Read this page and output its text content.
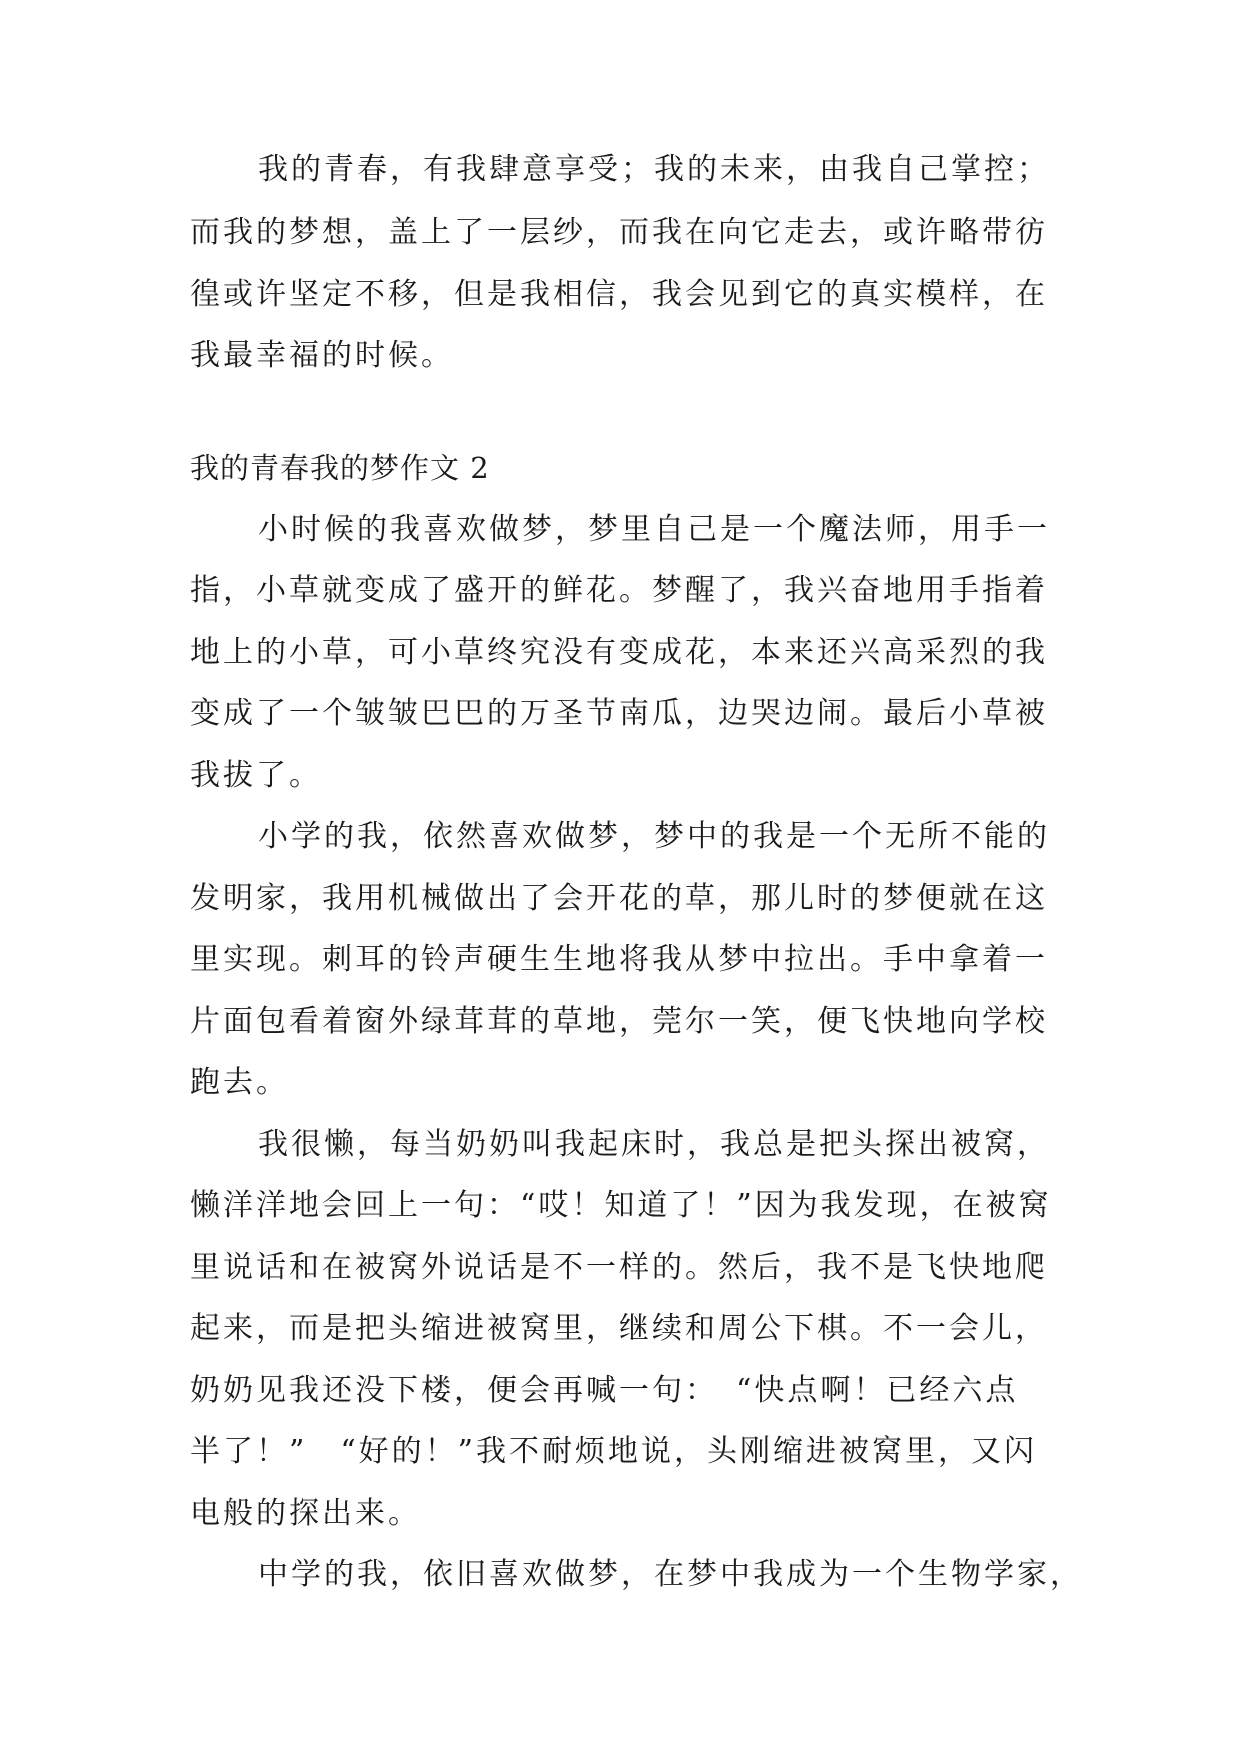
我的青春，有我肆意享受；我的未来，由我自己掌控；
而我的梦想，盖上了一层纱，而我在向它走去，或许略带彷
徨或许坚定不移，但是我相信，我会见到它的真实模样，在
我最幸福的时候。
我的青春我的梦作文 2
小时候的我喜欢做梦，梦里自己是一个魔法师，用手一
指，小草就变成了盛开的鲜花。梦醒了，我兴奋地用手指着
地上的小草，可小草终究没有变成花，本来还兴高采烈的我
变成了一个皱皱巴巴的万圣节南瓜，边哭边闹。最后小草被
我拔了。
小学的我，依然喜欢做梦，梦中的我是一个无所不能的
发明家，我用机械做出了会开花的草，那儿时的梦便就在这
里实现。刺耳的铃声硬生生地将我从梦中拉出。手中拿着一
片面包看着窗外绿茸茸的草地，莞尔一笑，便飞快地向学校
跑去。
我很懒，每当奶奶叫我起床时，我总是把头探出被窝，
懒洋洋地会回上一句：“哎！知道了！”因为我发现，在被窝
里说话和在被窝外说话是不一样的。然后，我不是飞快地爬
起来，而是把头缩进被窝里，继续和周公下棋。不一会儿，
奶奶见我还没下楼，便会再喊一句：　“快点啊！已经六点
半了！”　“好的！”我不耐烦地说，头刚缩进被窝里，又闪
电般的探出来。
中学的我，依旧喜欢做梦，在梦中我成为一个生物学家，
